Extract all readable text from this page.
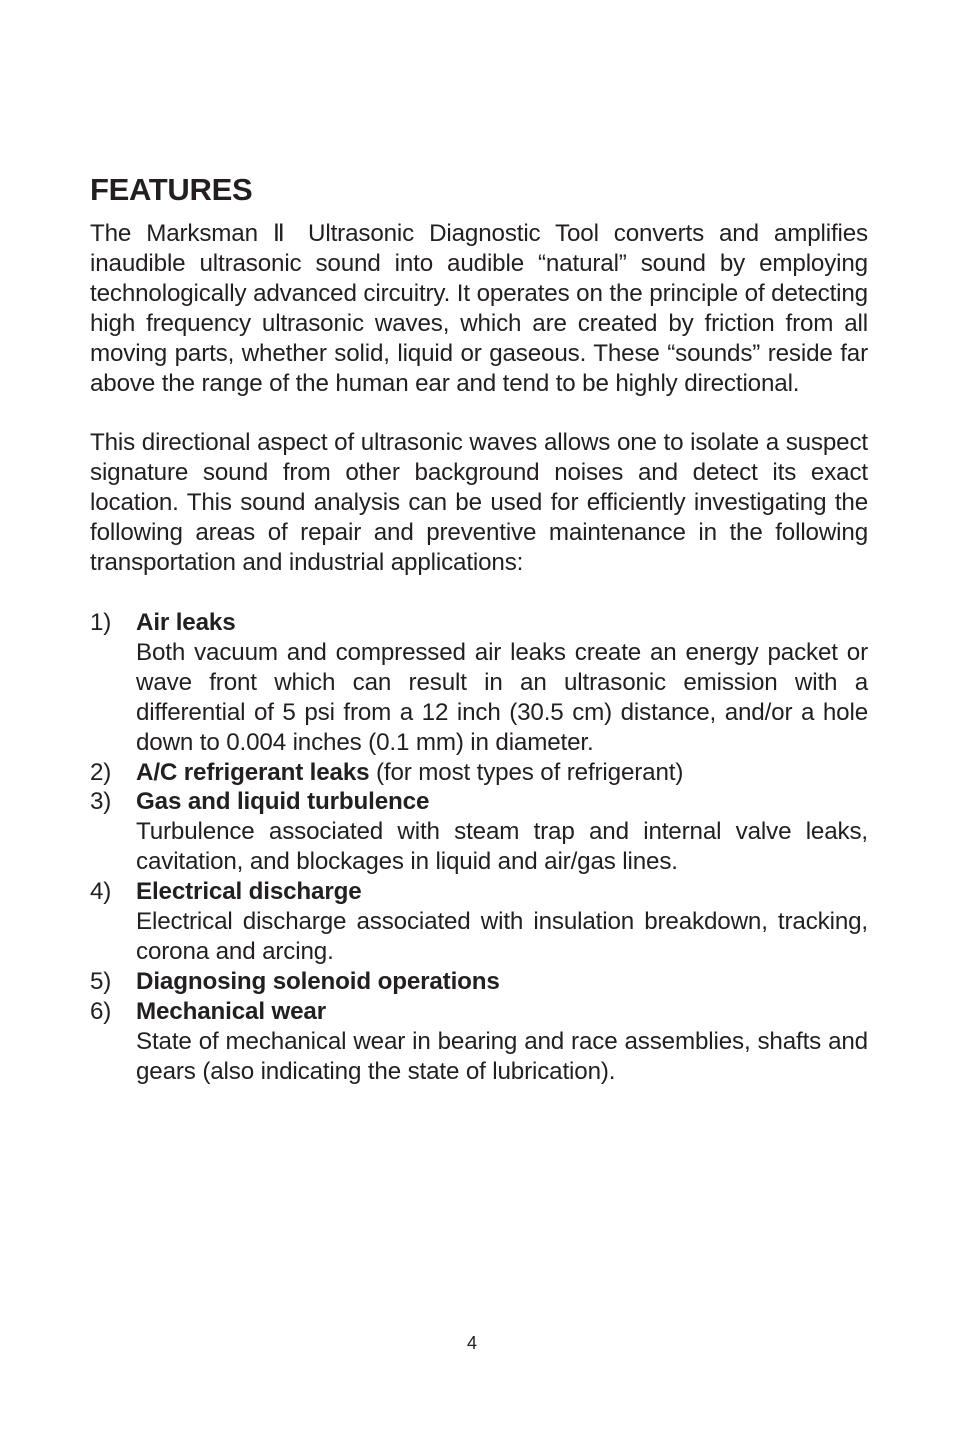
FEATURES

The Marksman Ⅱ Ultrasonic Diagnostic Tool converts and amplifies inaudible ultrasonic sound into audible “natural” sound by employing technologically advanced circuitry. It operates on the principle of detecting high frequency ultrasonic waves, which are created by friction from all moving parts, whether solid, liquid or gaseous. These “sounds” reside far above the range of the human ear and tend to be highly directional.

This directional aspect of ultrasonic waves allows one to isolate a suspect signature sound from other background noises and detect its exact location. This sound analysis can be used for efficiently investigating the following areas of repair and preventive maintenance in the following transportation and industrial applications:

1)	Air leaks
Both vacuum and compressed air leaks create an energy packet or wave front which can result in an ultrasonic emission with a differential of 5 psi from a 12 inch (30.5 cm) distance, and/or a hole down to 0.004 inches (0.1 mm) in diameter.
2)	A/C refrigerant leaks (for most types of refrigerant)
3)	Gas and liquid turbulence
Turbulence associated with steam trap and internal valve leaks, cavitation, and blockages in liquid and air/gas lines.
4)	Electrical discharge
Electrical discharge associated with insulation breakdown, tracking, corona and arcing.
5)	Diagnosing solenoid operations
6)	Mechanical wear
State of mechanical wear in bearing and race assemblies, shafts and gears (also indicating the state of lubrication).
4
